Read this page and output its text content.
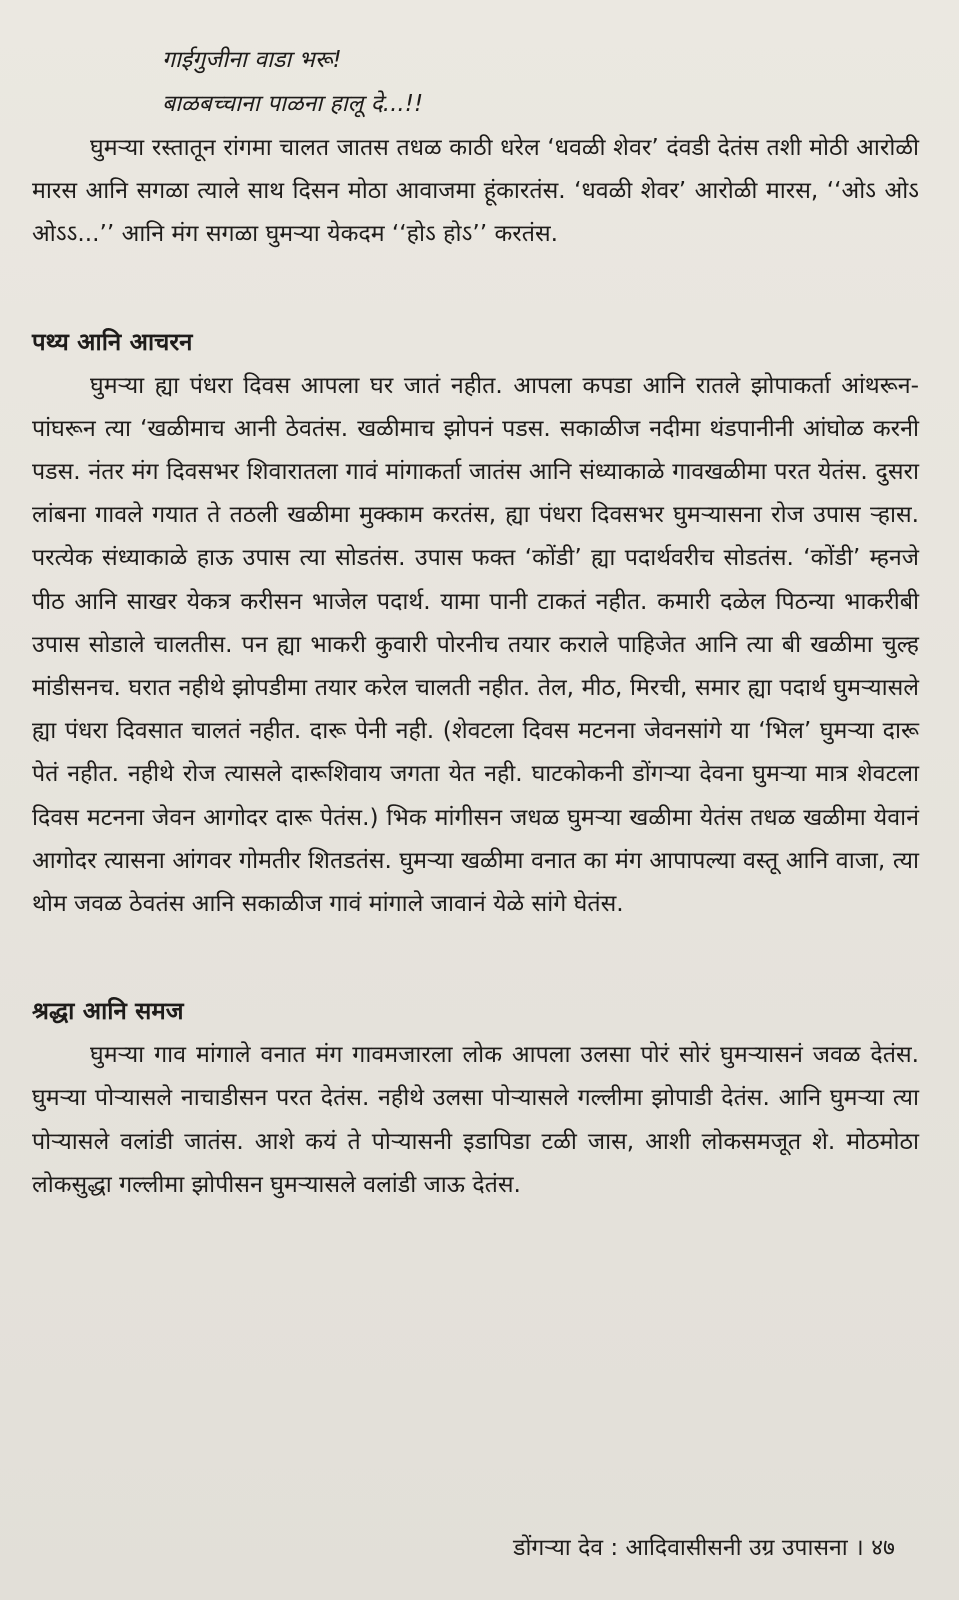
गाईगुजीना वाडा भरू!

बाळबच्चाना पाळना हालू दे...!!

घुमऱ्या रस्तातून रांगमा चालत जातस तधळ काठी धरेल ‘धवळी शेवर’ दंवडी देतंस तशी मोठी आरोळी मारस आनि सगळा त्याले साथ दिसन मोठा आवाजमा हूंकारतंस. ‘धवळी शेवर’ आरोळी मारस, ‘‘ओऽ ओऽ ओऽऽ...’’ आनि मंग सगळा घुमऱ्या येकदम ‘‘होऽ होऽ’’ करतंस.

पथ्य आनि आचरन

घुमऱ्या ह्या पंधरा दिवस आपला घर जातं नहीत. आपला कपडा आनि रातले झोपाकर्ता आंथरून-पांघरून त्या ‘खळीमाच आनी ठेवतंस. खळीमाच झोपनं पडस. सकाळीज नदीमा थंडपानीनी आंघोळ करनी पडस. नंतर मंग दिवसभर शिवारातला गावं मांगाकर्ता जातंस आनि संध्याकाळे गावखळीमा परत येतंस. दुसरा लांबना गावले गयात ते तठली खळीमा मुक्काम करतंस, ह्या पंधरा दिवसभर घुमऱ्यासना रोज उपास ऱ्हास. परत्येक संध्याकाळे हाऊ उपास त्या सोडतंस. उपास फक्त ‘कोंडी’ ह्या पदार्थवरीच सोडतंस. ‘कोंडी’ म्हनजे पीठ आनि साखर येकत्र करीसन भाजेल पदार्थ. यामा पानी टाकतं नहीत. कमारी दळेल पिठन्या भाकरीबी उपास सोडाले चालतीस. पन ह्या भाकरी कुवारी पोरनीच तयार कराले पाहिजेत आनि त्या बी खळीमा चुल्ह मांडीसनच. घरात नहीथे झोपडीमा तयार करेल चालती नहीत. तेल, मीठ, मिरची, समार ह्या पदार्थ घुमऱ्यासले ह्या पंधरा दिवसात चालतं नहीत. दारू पेनी नही. (शेवटला दिवस मटनना जेवनसांगे या ‘भिल’ घुमऱ्या दारू पेतं नहीत. नहीथे रोज त्यासले दारूशिवाय जगता येत नही. घाटकोकनी डोंगऱ्या देवना घुमऱ्या मात्र शेवटला दिवस मटनना जेवन आगोदर दारू पेतंस.) भिक मांगीसन जधळ घुमऱ्या खळीमा येतंस तधळ खळीमा येवानं आगोदर त्यासना आंगवर गोमतीर शितडतंस. घुमऱ्या खळीमा वनात का मंग आपापल्या वस्तू आनि वाजा, त्या थोम जवळ ठेवतंस आनि सकाळीज गावं मांगाले जावानं येळे सांगे घेतंस.

श्रद्धा आनि समज

घुमऱ्या गाव मांगाले वनात मंग गावमजारला लोक आपला उलसा पोरं सोरं घुमऱ्यासनं जवळ देतंस. घुमऱ्या पोऱ्यासले नाचाडीसन परत देतंस. नहीथे उलसा पोऱ्यासले गल्लीमा झोपाडी देतंस. आनि घुमऱ्या त्या पोऱ्यासले वलांडी जातंस. आशे कयं ते पोऱ्यासनी इडापिडा टळी जास, आशी लोकसमजूत शे. मोठमोठा लोकसुद्धा गल्लीमा झोपीसन घुमऱ्यासले वलांडी जाऊ देतंस.

डोंगऱ्या देव : आदिवासीसनी उग्र उपासना । ४७
